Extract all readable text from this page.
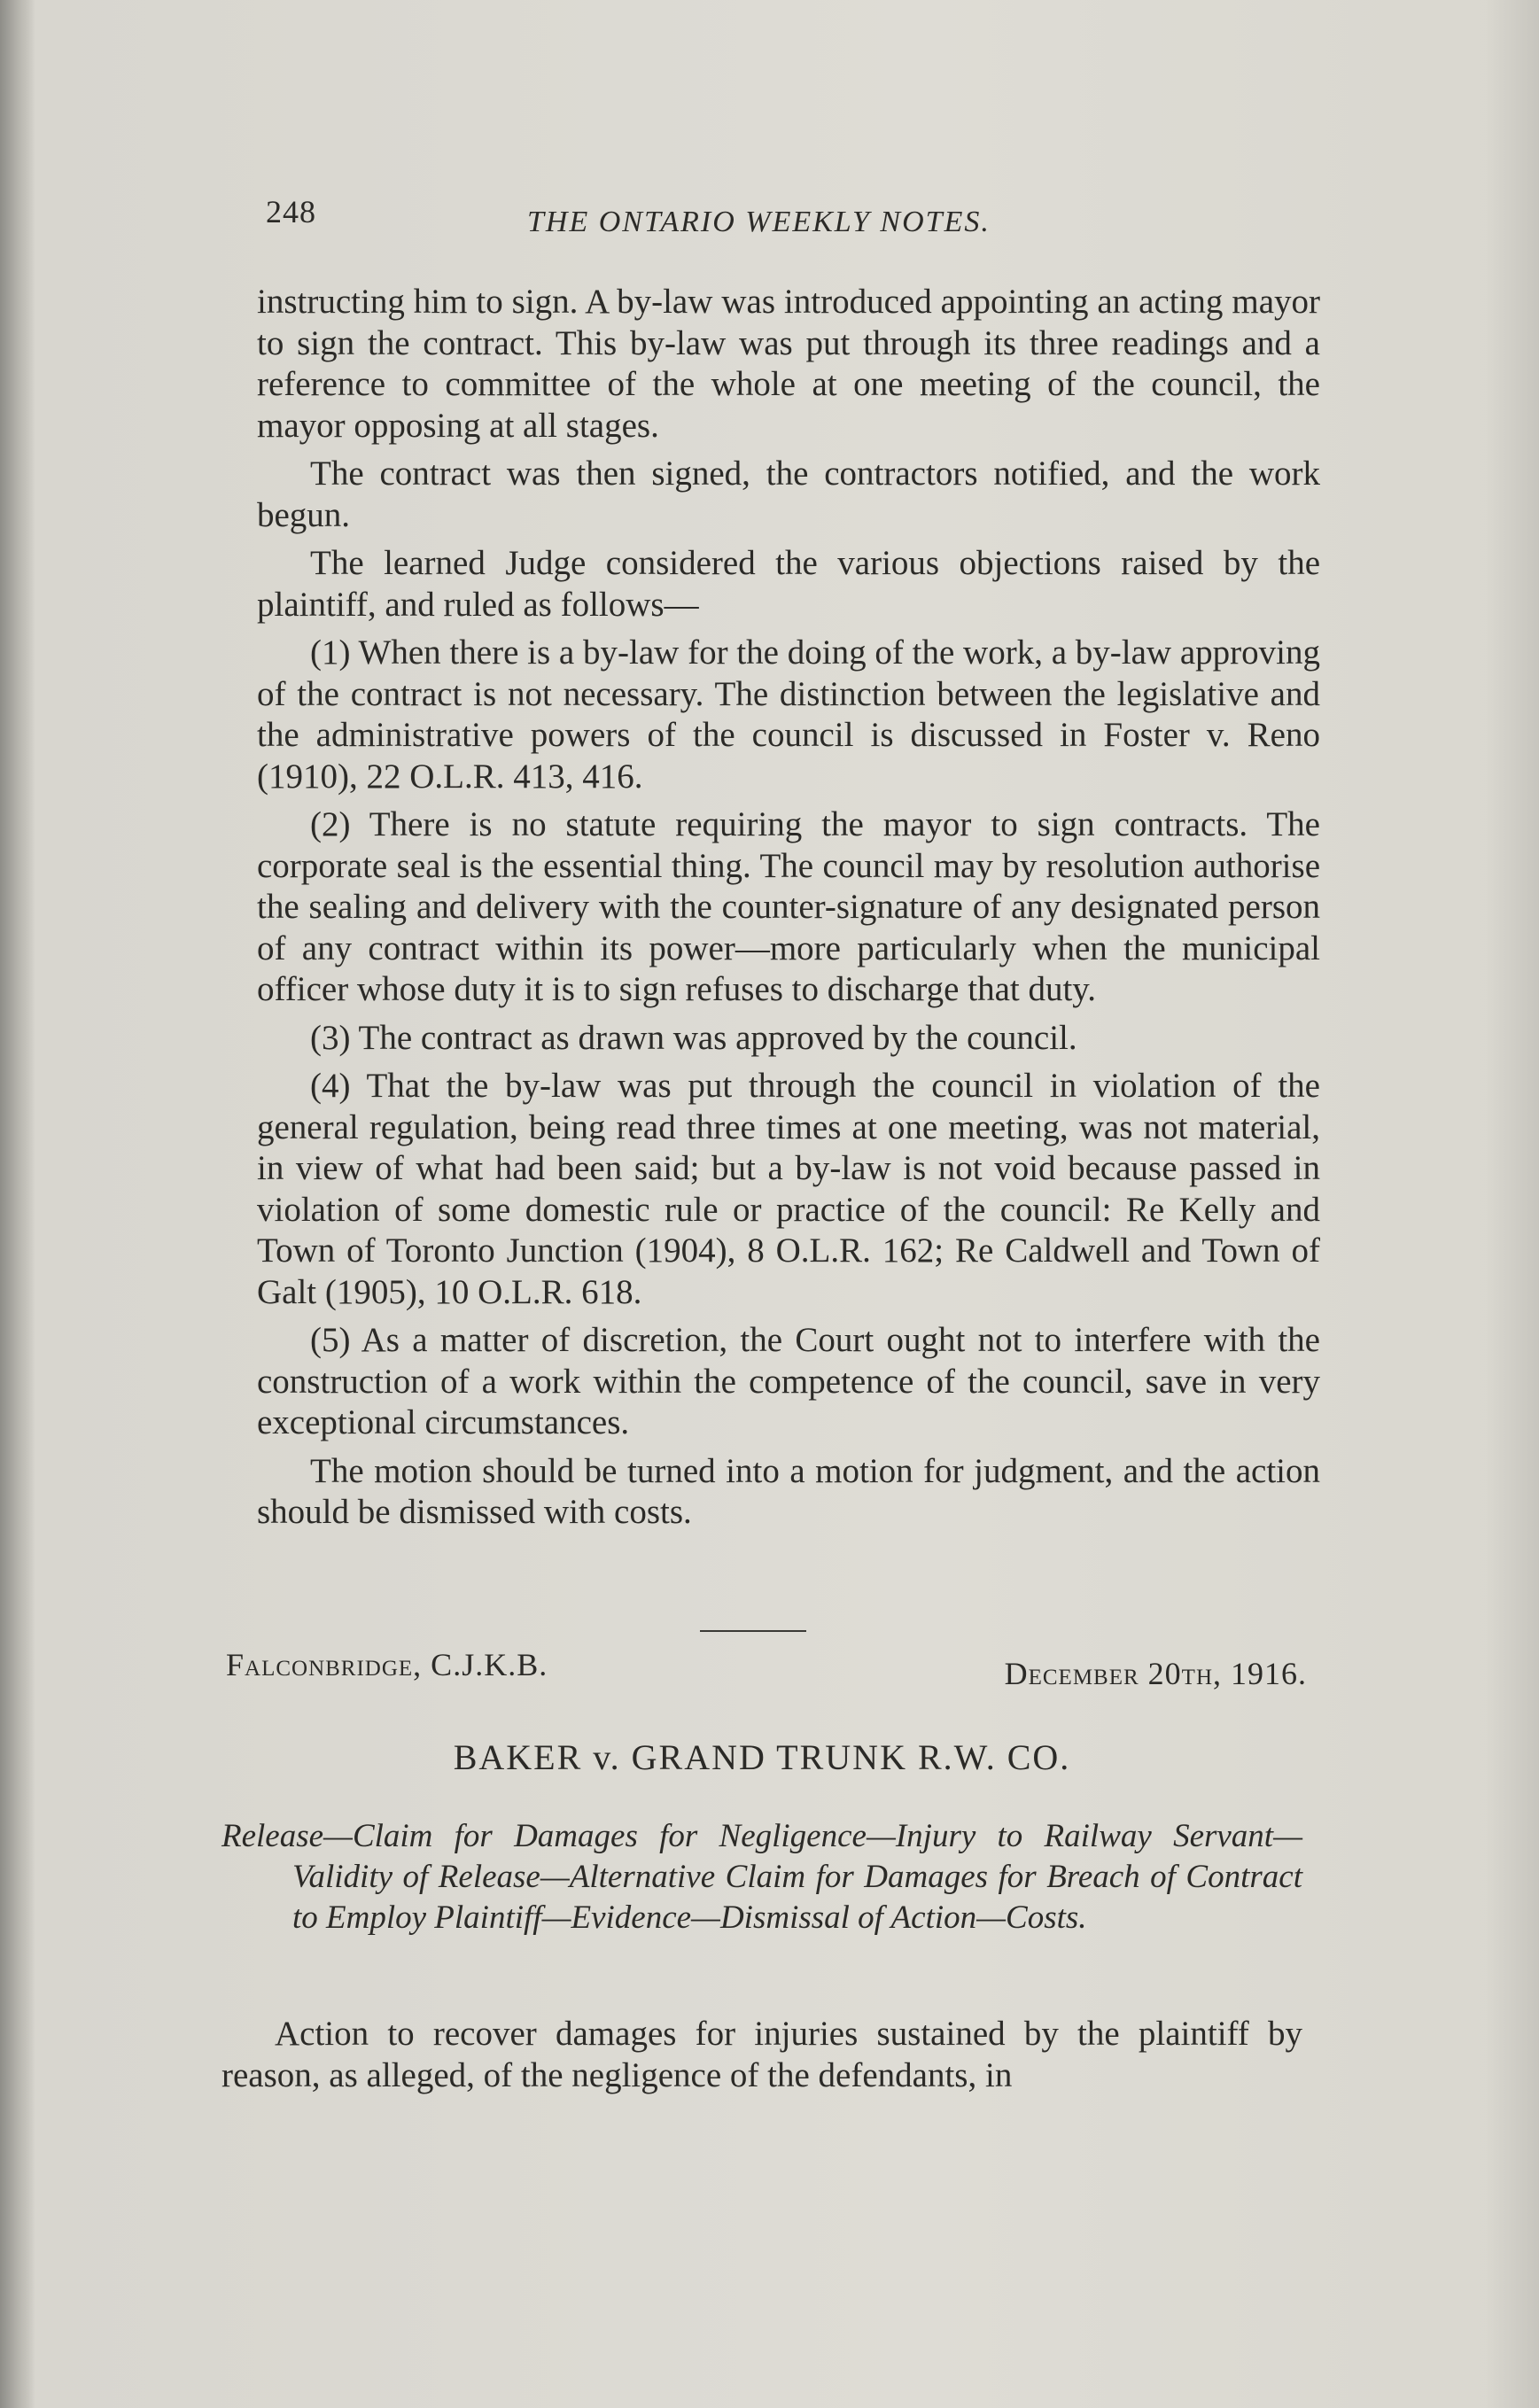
248	THE ONTARIO WEEKLY NOTES.

instructing him to sign. A by-law was introduced appointing an acting mayor to sign the contract. This by-law was put through its three readings and a reference to committee of the whole at one meeting of the council, the mayor opposing at all stages.

The contract was then signed, the contractors notified, and the work begun.

The learned Judge considered the various objections raised by the plaintiff, and ruled as follows—

(1) When there is a by-law for the doing of the work, a by-law approving of the contract is not necessary. The distinction between the legislative and the administrative powers of the council is discussed in Foster v. Reno (1910), 22 O.L.R. 413, 416.

(2) There is no statute requiring the mayor to sign contracts. The corporate seal is the essential thing. The council may by resolution authorise the sealing and delivery with the counter-signature of any designated person of any contract within its power—more particularly when the municipal officer whose duty it is to sign refuses to discharge that duty.

(3) The contract as drawn was approved by the council.

(4) That the by-law was put through the council in violation of the general regulation, being read three times at one meeting, was not material, in view of what had been said; but a by-law is not void because passed in violation of some domestic rule or practice of the council: Re Kelly and Town of Toronto Junction (1904), 8 O.L.R. 162; Re Caldwell and Town of Galt (1905), 10 O.L.R. 618.

(5) As a matter of discretion, the Court ought not to interfere with the construction of a work within the competence of the council, save in very exceptional circumstances.

The motion should be turned into a motion for judgment, and the action should be dismissed with costs.

Falconbridge, C.J.K.B.	December 20th, 1916.
BAKER v. GRAND TRUNK R.W. CO.
Release—Claim for Damages for Negligence—Injury to Railway Servant—Validity of Release—Alternative Claim for Damages for Breach of Contract to Employ Plaintiff—Evidence—Dismissal of Action—Costs.
Action to recover damages for injuries sustained by the plaintiff by reason, as alleged, of the negligence of the defendants, in
